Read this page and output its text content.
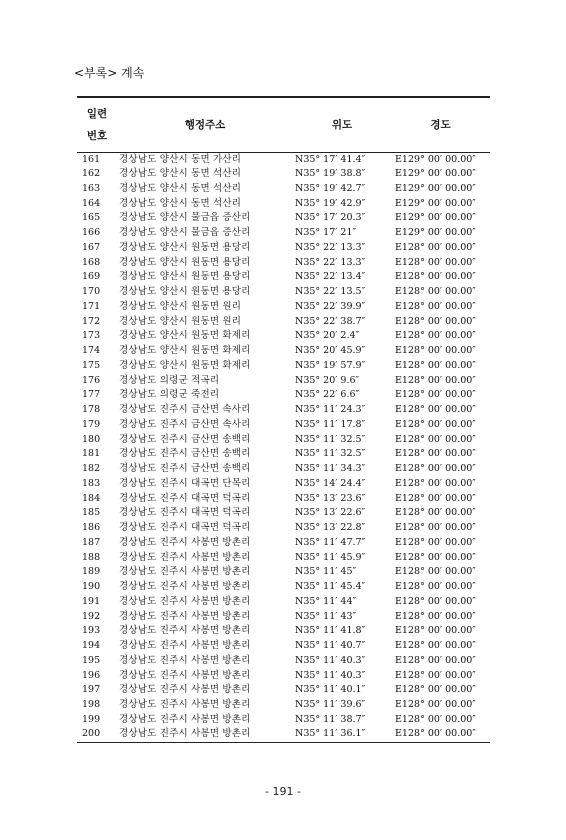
<부록> 계속
일련
번호	행정주소	위도	경도
161	경상남도 양산시 동면 가산리	N35° 17′ 41.4″	E129° 00′ 00.00″
162	경상남도 양산시 동면 석산리	N35° 19′ 38.8″	E129° 00′ 00.00″
163	경상남도 양산시 동면 석산리	N35° 19′ 42.7″	E129° 00′ 00.00″
164	경상남도 양산시 동면 석산리	N35° 19′ 42.9″	E129° 00′ 00.00″
165	경상남도 양산시 물금읍 증산리	N35° 17′ 20.3″	E129° 00′ 00.00″
166	경상남도 양산시 물금읍 증산리	N35° 17′ 21″	E129° 00′ 00.00″
167	경상남도 양산시 원동면 용당리	N35° 22′ 13.3″	E128° 00′ 00.00″
168	경상남도 양산시 원동면 용당리	N35° 22′ 13.3″	E128° 00′ 00.00″
169	경상남도 양산시 원동면 용당리	N35° 22′ 13.4″	E128° 00′ 00.00″
170	경상남도 양산시 원동면 용당리	N35° 22′ 13.5″	E128° 00′ 00.00″
171	경상남도 양산시 원동면 원리	N35° 22′ 39.9″	E128° 00′ 00.00″
172	경상남도 양산시 원동면 원리	N35° 22′ 38.7″	E128° 00′ 00.00″
173	경상남도 양산시 원동면 화제리	N35° 20′ 2.4″	E128° 00′ 00.00″
174	경상남도 양산시 원동면 화제리	N35° 20′ 45.9″	E128° 00′ 00.00″
175	경상남도 양산시 원동면 화제리	N35° 19′ 57.9″	E128° 00′ 00.00″
176	경상남도 의령군 적곡리	N35° 20′ 9.6″	E128° 00′ 00.00″
177	경상남도 의령군 죽전리	N35° 22′ 6.6″	E128° 00′ 00.00″
178	경상남도 진주시 금산면 속사리	N35° 11′ 24.3″	E128° 00′ 00.00″
179	경상남도 진주시 금산면 속사리	N35° 11′ 17.8″	E128° 00′ 00.00″
180	경상남도 진주시 금산면 송백리	N35° 11′ 32.5″	E128° 00′ 00.00″
181	경상남도 진주시 금산면 송백리	N35° 11′ 32.5″	E128° 00′ 00.00″
182	경상남도 진주시 금산면 송백리	N35° 11′ 34.3″	E128° 00′ 00.00″
183	경상남도 진주시 대곡면 단목리	N35° 14′ 24.4″	E128° 00′ 00.00″
184	경상남도 진주시 대곡면 덕곡리	N35° 13′ 23.6″	E128° 00′ 00.00″
185	경상남도 진주시 대곡면 덕곡리	N35° 13′ 22.6″	E128° 00′ 00.00″
186	경상남도 진주시 대곡면 덕곡리	N35° 13′ 22.8″	E128° 00′ 00.00″
187	경상남도 진주시 사봉면 방촌리	N35° 11′ 47.7″	E128° 00′ 00.00″
188	경상남도 진주시 사봉면 방촌리	N35° 11′ 45.9″	E128° 00′ 00.00″
189	경상남도 진주시 사봉면 방촌리	N35° 11′ 45″	E128° 00′ 00.00″
190	경상남도 진주시 사봉면 방촌리	N35° 11′ 45.4″	E128° 00′ 00.00″
191	경상남도 진주시 사봉면 방촌리	N35° 11′ 44″	E128° 00′ 00.00″
192	경상남도 진주시 사봉면 방촌리	N35° 11′ 43″	E128° 00′ 00.00″
193	경상남도 진주시 사봉면 방촌리	N35° 11′ 41.8″	E128° 00′ 00.00″
194	경상남도 진주시 사봉면 방촌리	N35° 11′ 40.7″	E128° 00′ 00.00″
195	경상남도 진주시 사봉면 방촌리	N35° 11′ 40.3″	E128° 00′ 00.00″
196	경상남도 진주시 사봉면 방촌리	N35° 11′ 40.3″	E128° 00′ 00.00″
197	경상남도 진주시 사봉면 방촌리	N35° 11′ 40.1″	E128° 00′ 00.00″
198	경상남도 진주시 사봉면 방촌리	N35° 11′ 39.6″	E128° 00′ 00.00″
199	경상남도 진주시 사봉면 방촌리	N35° 11′ 38.7″	E128° 00′ 00.00″
200	경상남도 진주시 사봉면 방촌리	N35° 11′ 36.1″	E128° 00′ 00.00″
- 191 -
